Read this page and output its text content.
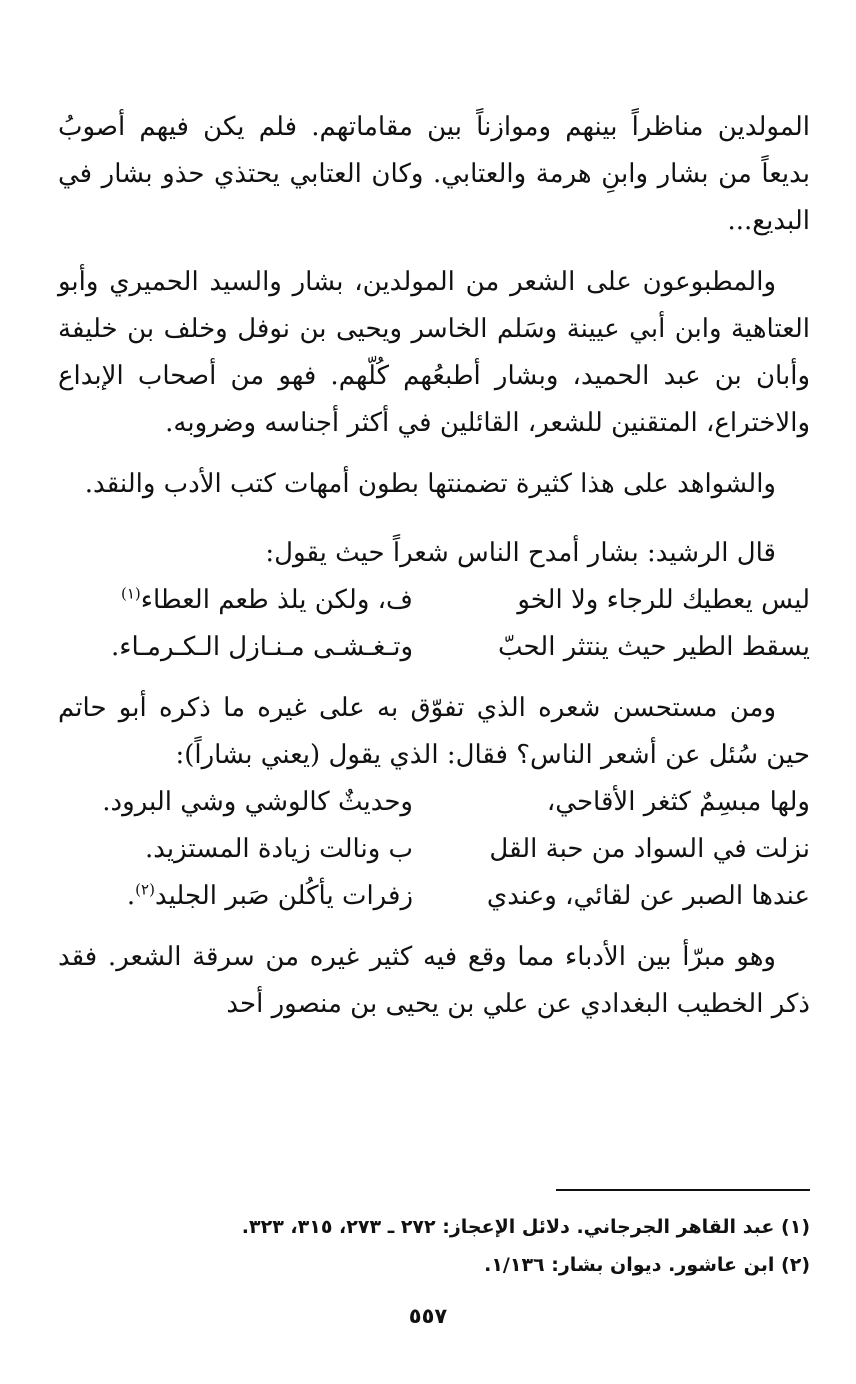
المولدين مناظراً بينهم وموازناً بين مقاماتهم. فلم يكن فيهم أصوبُ بديعاً من بشار وابنِ هرمة والعتابي. وكان العتابي يحتذي حذو بشار في البديع...

والمطبوعون على الشعر من المولدين، بشار والسيد الحميري وأبو العتاهية وابن أبي عيينة وسَلم الخاسر ويحيى بن نوفل وخلف بن خليفة وأبان بن عبد الحميد، وبشار أطبعُهم كُلّهم. فهو من أصحاب الإبداع والاختراع، المتقنين للشعر، القائلين في أكثر أجناسه وضروبه.

والشواهد على هذا كثيرة تضمنتها بطون أمهات كتب الأدب والنقد.

قال الرشيد: بشار أمدح الناس شعراً حيث يقول:

ليس يعطيك للرجاء ولا الخو
ف، ولكن يلذ طعم العطاء$^{(١)}$
يسقط الطير حيث ينتثر الحبّ
وتـغـشـى مـنـازل الـكـرمـاء.

ومن مستحسن شعره الذي تفوّق به على غيره ما ذكره أبو حاتم حين سُئل عن أشعر الناس؟ فقال: الذي يقول (يعني بشاراً):

ولها مبسِمٌ كثغر الأقاحي،
وحديثٌ كالوشي وشي البرود.
نزلت في السواد من حبة القل
ب ونالت زيادة المستزيد.
عندها الصبر عن لقائي، وعندي
زفرات يأكُلن صَبر الجليد$^{(٢)}$.

وهو مبرّأ بين الأدباء مما وقع فيه كثير غيره من سرقة الشعر. فقد ذكر الخطيب البغدادي عن علي بن يحيى بن منصور أحد

(١) عبد القاهر الجرجاني. دلائل الإعجاز: ٢٧٢ ـ ٢٧٣، ٣١٥، ٣٢٣.

(٢) ابن عاشور. ديوان بشار: ١/١٣٦.

٥٥٧
